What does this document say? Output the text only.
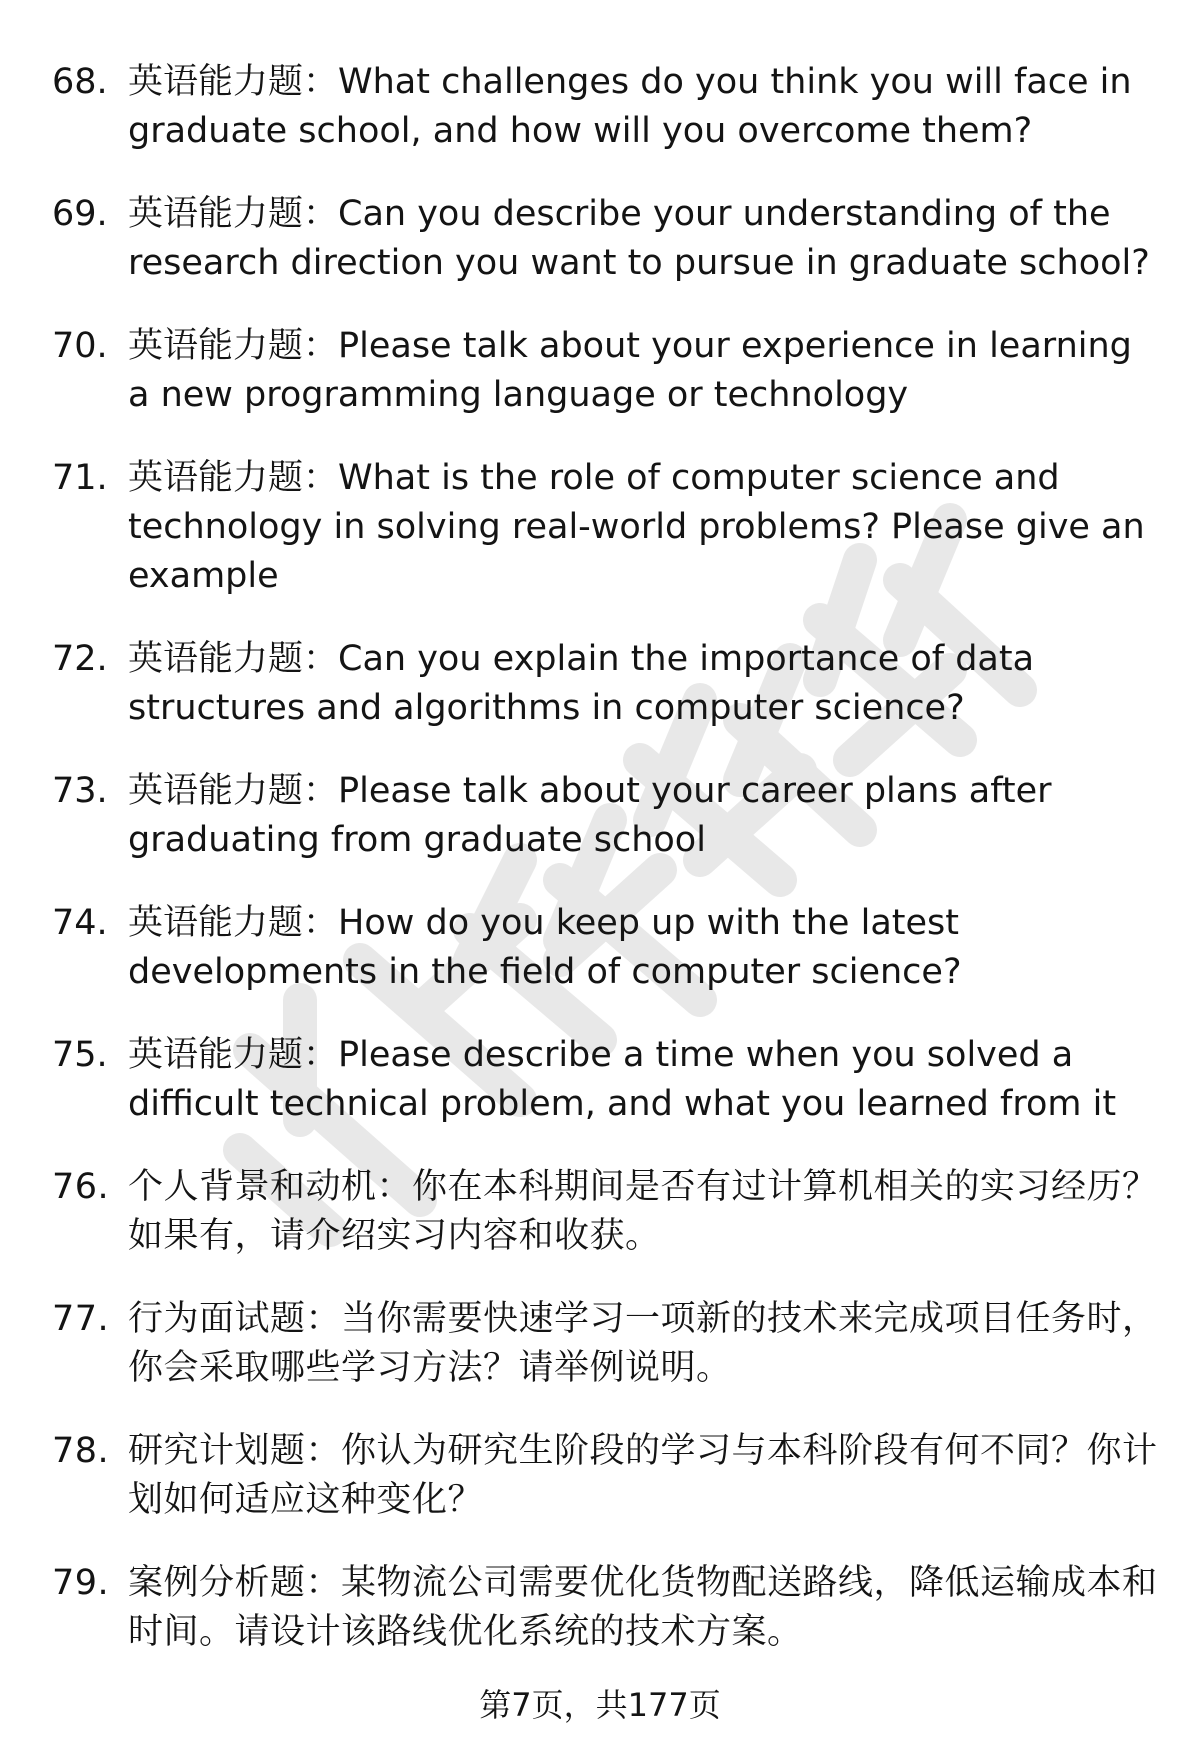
68. 英语能力题：What challenges do you think you will face in graduate school, and how will you overcome them?
69. 英语能力题：Can you describe your understanding of the research direction you want to pursue in graduate school?
70. 英语能力题：Please talk about your experience in learning a new programming language or technology
71. 英语能力题：What is the role of computer science and technology in solving real-world problems? Please give an example
72. 英语能力题：Can you explain the importance of data structures and algorithms in computer science?
73. 英语能力题：Please talk about your career plans after graduating from graduate school
74. 英语能力题：How do you keep up with the latest developments in the field of computer science?
75. 英语能力题：Please describe a time when you solved a difficult technical problem, and what you learned from it
76. 个人背景和动机：你在本科期间是否有过计算机相关的实习经历？如果有，请介绍实习内容和收获。
77. 行为面试题：当你需要快速学习一项新的技术来完成项目任务时，你会采取哪些学习方法？请举例说明。
78. 研究计划题：你认为研究生阶段的学习与本科阶段有何不同？你计划如何适应这种变化？
79. 案例分析题：某物流公司需要优化货物配送路线，降低运输成本和时间。请设计该路线优化系统的技术方案。
第7页，共177页
